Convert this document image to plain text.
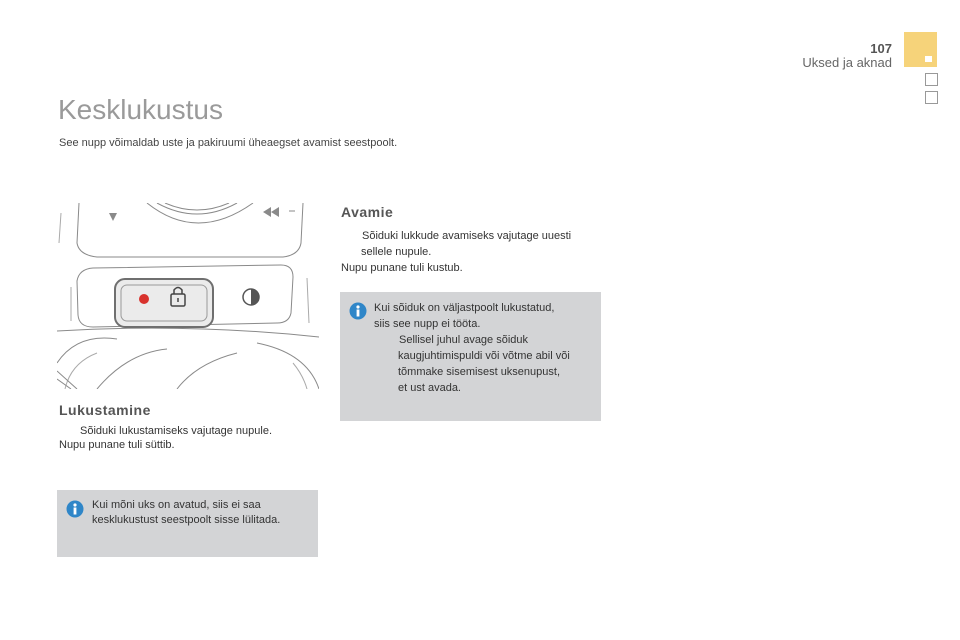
107
Uksed ja aknad
Kesklukustus
See nupp võimaldab uste ja pakiruumi üheaegset avamist seestpoolt.
Lukustamine
Sõiduki lukustamiseks vajutage nupule.
Nupu punane tuli süttib.
Kui mõni uks on avatud, siis ei saa
kesklukustust seestpoolt sisse lülitada.
Avamie
Sõiduki lukkude avamiseks vajutage uuesti
sellele nupule.
Nupu punane tuli kustub.
Kui sõiduk on väljastpoolt lukustatud,
siis see nupp ei tööta.
Sellisel juhul avage sõiduk
kaugjuhtimispuldi või võtme abil või
tõmmake sisemisest uksenupust,
et ust avada.
